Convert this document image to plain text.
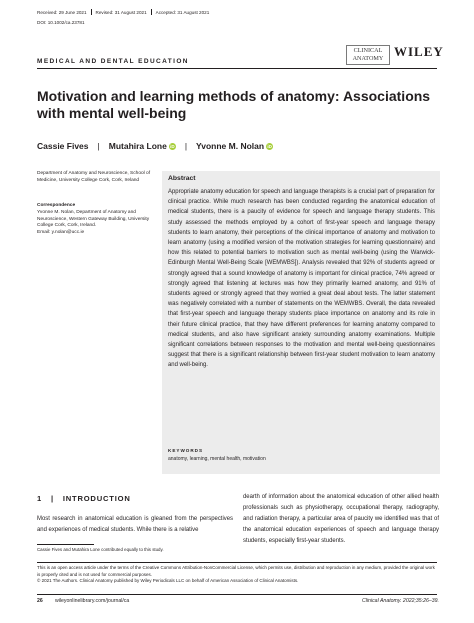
Received: 29 June 2021 Revised: 31 August 2021 Accepted: 31 August 2021
DOI: 10.1002/ca.23781
MEDICAL AND DENTAL EDUCATION
CLINICAL
ANATOMY WILEY
Motivation and learning methods of anatomy: Associations with mental well-being
Cassie Fives | Mutahira Lone iD | Yvonne M. Nolan iD
Department of Anatomy and Neuroscience, School of Medicine, University College Cork, Cork, Ireland
Correspondence
Yvonne M. Nolan, Department of Anatomy and Neuroscience, Western Gateway Building, University College Cork, Cork, Ireland.
Email: y.nolan@ucc.ie
Abstract
Appropriate anatomy education for speech and language therapists is a crucial part of preparation for clinical practice. While much research has been conducted regarding the anatomical education of medical students, there is a paucity of evidence for speech and language therapy students. This study assessed the methods employed by a cohort of first-year speech and language therapy students to learn anatomy, their perceptions of the clinical importance of anatomy and motivation to learn anatomy (using a modified version of the motivation strategies for learning questionnaire) and how this related to potential barriers to motivation such as mental well-being (using the Warwick-Edinburgh Mental Well-Being Scale [WEMWBS]). Analysis revealed that 92% of students agreed or strongly agreed that a sound knowledge of anatomy is important for clinical practice, 74% agreed or strongly agreed that listening at lectures was how they primarily learned anatomy, and 91% of students agreed or strongly agreed that they worried a great deal about tests. The latter statement was negatively correlated with a number of statements on the WEMWBS. Overall, the data revealed that first-year speech and language therapy students place importance on anatomy and its role in their future clinical practice, that they have different preferences for learning anatomy compared to medical students, and also have significant anxiety surrounding anatomy examinations. Multiple significant correlations between responses to the motivation and mental well-being questionnaires suggest that there is a significant relationship between first-year student motivation to learn anatomy and well-being.
KEYWORDS
anatomy, learning, mental health, motivation
1 | INTRODUCTION
Most research in anatomical education is gleaned from the perspectives and experiences of medical students. While there is a relative
dearth of information about the anatomical education of other allied health professionals such as physiotherapy, occupational therapy, radiography, and radiation therapy, a particular area of paucity we identified was that of the anatomical education experiences of speech and language therapy students, especially first-year students.
Cassie Fives and Mutahira Lone contributed equally to this study.
This is an open access article under the terms of the Creative Commons Attribution-NonCommercial License, which permits use, distribution and reproduction in any medium, provided the original work is properly cited and is not used for commercial purposes.
© 2021 The Authors. Clinical Anatomy published by Wiley Periodicals LLC on behalf of American Association of Clinical Anatomists.
26 wileyonlinelibrary.com/journal/ca	Clinical Anatomy. 2022;35:26–39.
